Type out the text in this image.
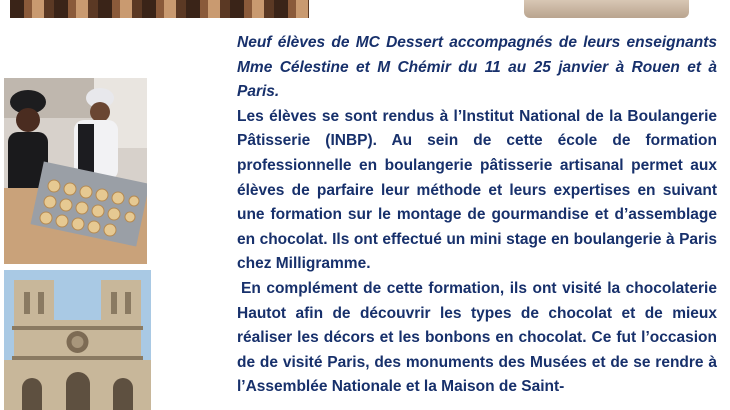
Neuf élèves de MC Dessert accompagnés de leurs enseignants Mme Célestine et M Chémir du 11 au 25 janvier à Rouen et à Paris.

Les élèves se sont rendus à l’Institut National de la Boulangerie Pâtisserie (INBP). Au sein de cette école de formation professionnelle en boulangerie pâtisserie artisanal permet aux élèves de parfaire leur méthode et leurs expertises en suivant une formation sur le montage de gourmandise et d’assemblage en chocolat. Ils ont effectué un mini stage en boulangerie à Paris chez Milligramme.

En complément de cette formation, ils ont visité la chocolaterie Hautot afin de découvrir les types de chocolat et de mieux réaliser les décors et les bonbons en chocolat. Ce fut l’occasion de de visité Paris, des monuments des Musées et de se rendre à l’Assemblée Nationale et la Maison de Saint-
